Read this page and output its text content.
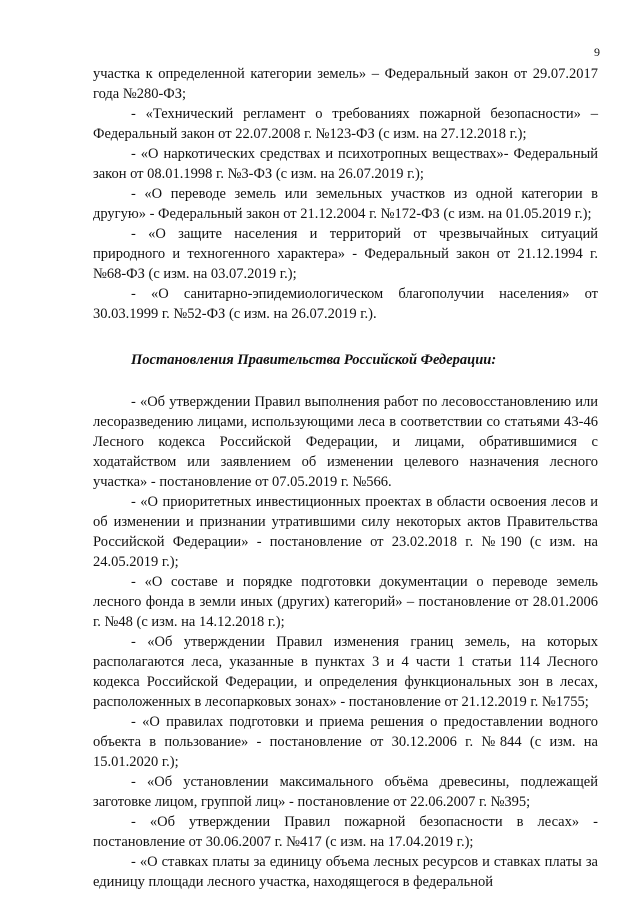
9

участка к определенной категории земель» – Федеральный закон от 29.07.2017 года №280-ФЗ;

- «Технический регламент о требованиях пожарной безопасности» – Федеральный закон от 22.07.2008 г. №123-ФЗ (с изм. на 27.12.2018 г.);

- «О наркотических средствах и психотропных веществах»- Федеральный закон от 08.01.1998 г. №3-ФЗ (с изм. на 26.07.2019 г.);

- «О переводе земель или земельных участков из одной категории в другую» - Федеральный закон от 21.12.2004 г. №172-ФЗ (с изм. на 01.05.2019 г.);

- «О защите населения и территорий от чрезвычайных ситуаций природного и техногенного характера» - Федеральный закон от 21.12.1994 г. №68-ФЗ (с изм. на 03.07.2019 г.);

- «О санитарно-эпидемиологическом благополучии населения» от 30.03.1999 г. №52-ФЗ (с изм. на 26.07.2019 г.).

Постановления Правительства Российской Федерации:

- «Об утверждении Правил выполнения работ по лесовосстановлению или лесоразведению лицами, использующими леса в соответствии со статьями 43-46 Лесного кодекса Российской Федерации, и лицами, обратившимися с ходатайством или заявлением об изменении целевого назначения лесного участка» - постановление от 07.05.2019 г. №566.

- «О приоритетных инвестиционных проектах в области освоения лесов и об изменении и признании утратившими силу некоторых актов Правительства Российской Федерации» - постановление от 23.02.2018 г. №190 (с изм. на 24.05.2019 г.);

- «О составе и порядке подготовки документации о переводе земель лесного фонда в земли иных (других) категорий» – постановление от 28.01.2006 г. №48 (с изм. на 14.12.2018 г.);

- «Об утверждении Правил изменения границ земель, на которых располагаются леса, указанные в пунктах 3 и 4 части 1 статьи 114 Лесного кодекса Российской Федерации, и определения функциональных зон в лесах, расположенных в лесопарковых зонах» - постановление от 21.12.2019 г. №1755;

- «О правилах подготовки и приема решения о предоставлении водного объекта в пользование» - постановление от 30.12.2006 г. №844 (с изм. на 15.01.2020 г.);

- «Об установлении максимального объёма древесины, подлежащей заготовке лицом, группой лиц» - постановление от 22.06.2007 г. №395;

- «Об утверждении Правил пожарной безопасности в лесах» - постановление от 30.06.2007 г. №417 (с изм. на 17.04.2019 г.);

- «О ставках платы за единицу объема лесных ресурсов и ставках платы за единицу площади лесного участка, находящегося в федеральной
